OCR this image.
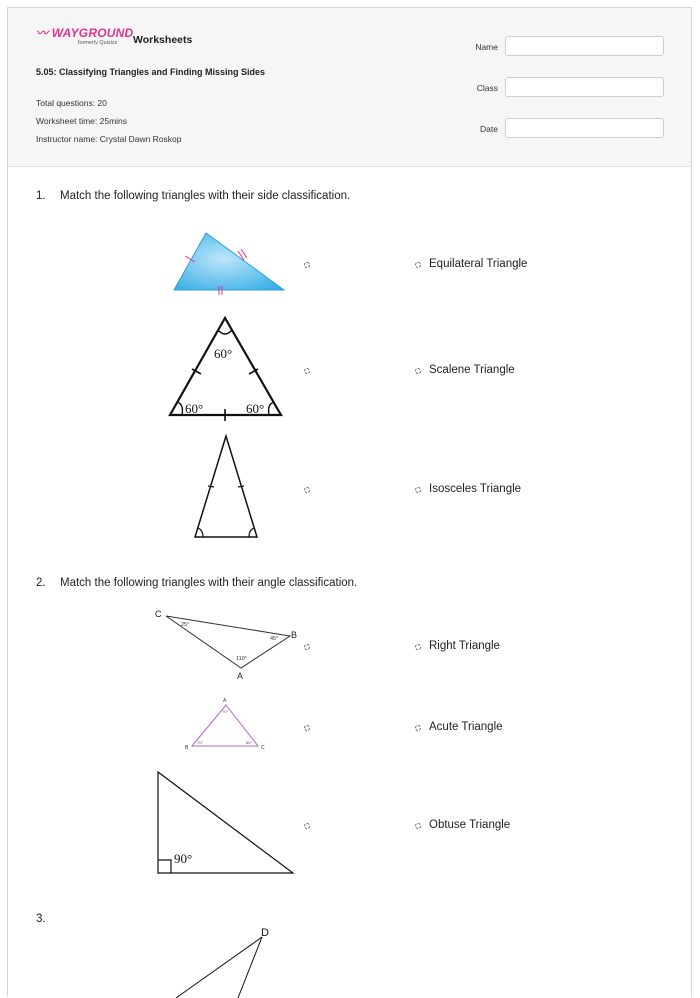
〰 WAYGROUND
formerly Quizizz	Worksheets
5.05: Classifying Triangles and Finding Missing Sides
Total questions: 20
Worksheet time: 25mins
Instructor name: Crystal Dawn Roskop
Name
Class
Date
1. Match the following triangles with their side classification.
Equilateral Triangle
60°
60°	60°
Scalene Triangle
Isosceles Triangle
2. Match the following triangles with their angle classification.
C
B
A
25°
45°
110°
Right Triangle
A
B	C
70°
70°	60°
Acute Triangle
90°
Obtuse Triangle
3.
D
